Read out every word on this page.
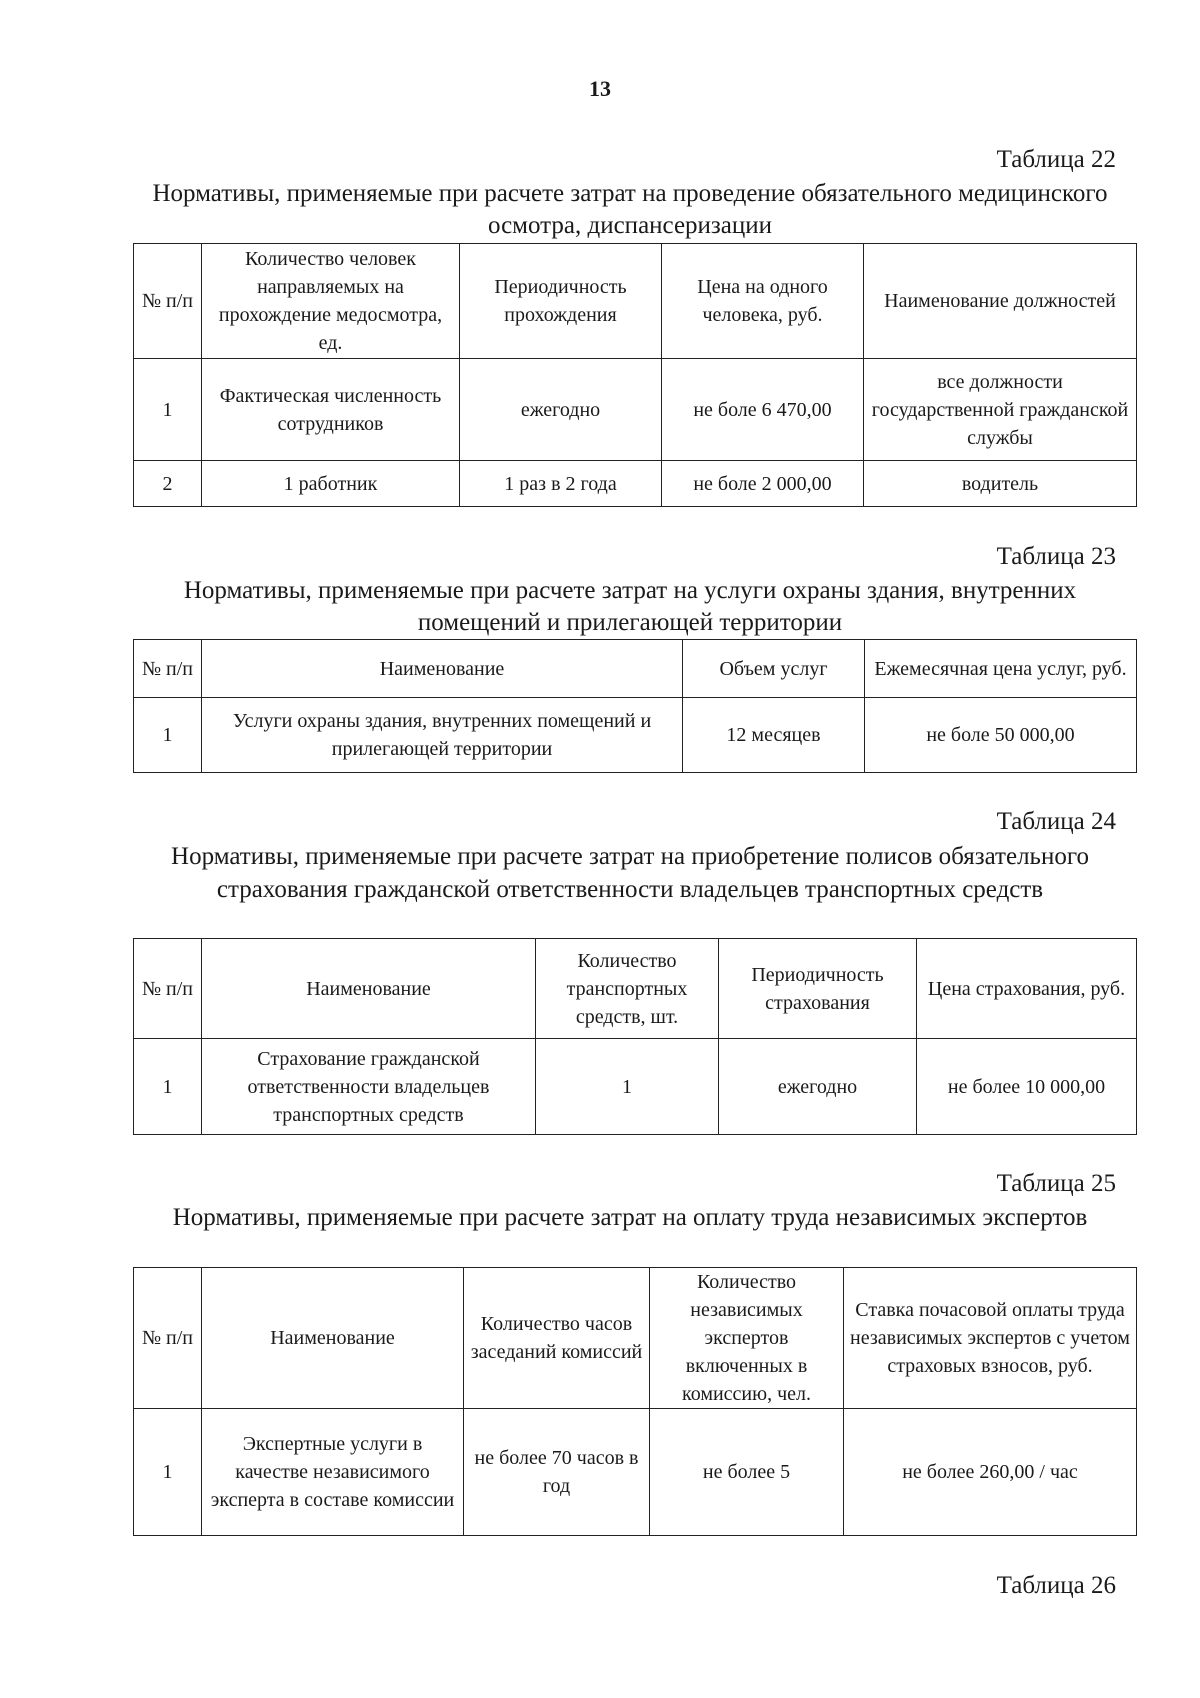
13
Таблица 22
Нормативы, применяемые при расчете затрат на проведение обязательного медицинского осмотра, диспансеризации
№ п/п	Количество человек направляемых на прохождение медосмотра, ед.	Периодичность прохождения	Цена на одного человека, руб.	Наименование должностей
1	Фактическая численность сотрудников	ежегодно	не боле 6 470,00	все должности государственной гражданской службы
2	1 работник	1 раз в 2 года	не боле 2 000,00	водитель
Таблица 23
Нормативы, применяемые при расчете затрат на услуги охраны здания, внутренних помещений и прилегающей территории
№ п/п	Наименование	Объем услуг	Ежемесячная цена услуг, руб.
1	Услуги охраны здания, внутренних помещений и прилегающей территории	12 месяцев	не боле 50 000,00
Таблица 24
Нормативы, применяемые при расчете затрат на приобретение полисов обязательного страхования гражданской ответственности владельцев транспортных средств
№ п/п	Наименование	Количество транспортных средств, шт.	Периодичность страхования	Цена страхования, руб.
1	Страхование гражданской ответственности владельцев транспортных средств	1	ежегодно	не более 10 000,00
Таблица 25
Нормативы, применяемые при расчете затрат на оплату труда независимых экспертов
№ п/п	Наименование	Количество часов заседаний комиссий	Количество независимых экспертов включенных в комиссию, чел.	Ставка почасовой оплаты труда независимых экспертов с учетом страховых взносов, руб.
1	Экспертные услуги в качестве независимого эксперта в составе комиссии	не более 70 часов в год	не более 5	не более 260,00 / час
Таблица 26
